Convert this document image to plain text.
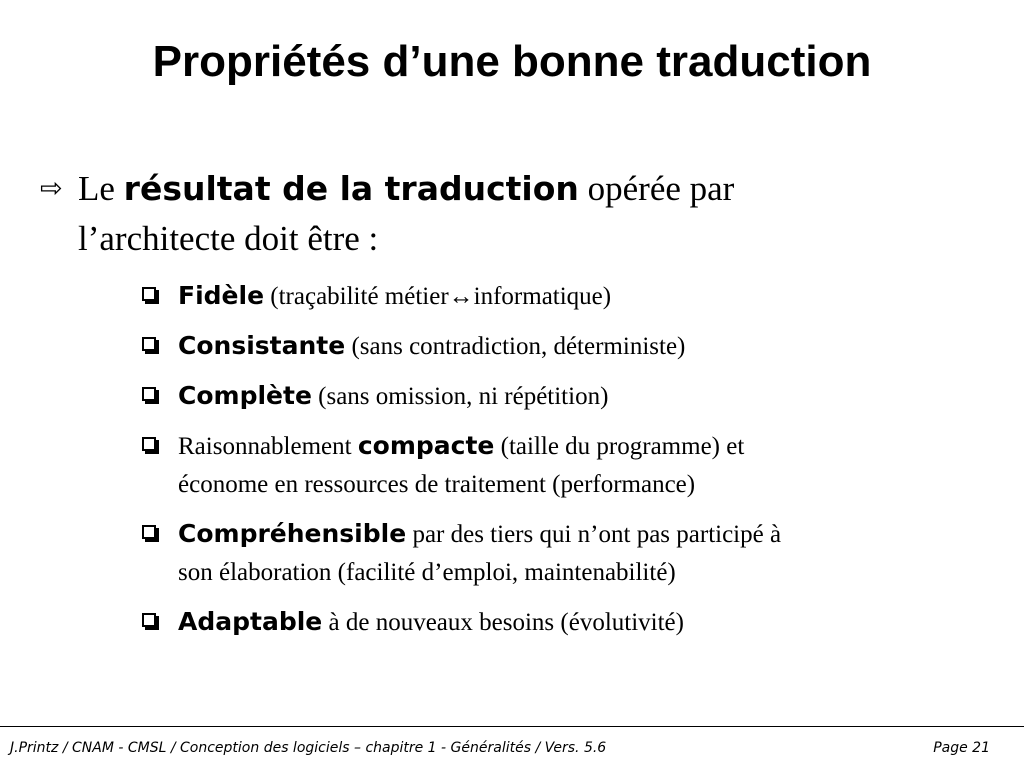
Propriétés d’une bonne traduction
⇨ Le résultat de la traduction opérée par
l’architecte doit être :
Fidèle (traçabilité métier↔informatique)
Consistante (sans contradiction, déterministe)
Complète (sans omission, ni répétition)
Raisonnablement compacte (taille du programme) et
économe en ressources de traitement (performance)
Compréhensible par des tiers qui n’ont pas participé à
son élaboration (facilité d’emploi, maintenabilité)
Adaptable à de nouveaux besoins (évolutivité)
J.Printz / CNAM - CMSL / Conception des logiciels – chapitre 1 - Généralités / Vers. 5.6	Page 21
